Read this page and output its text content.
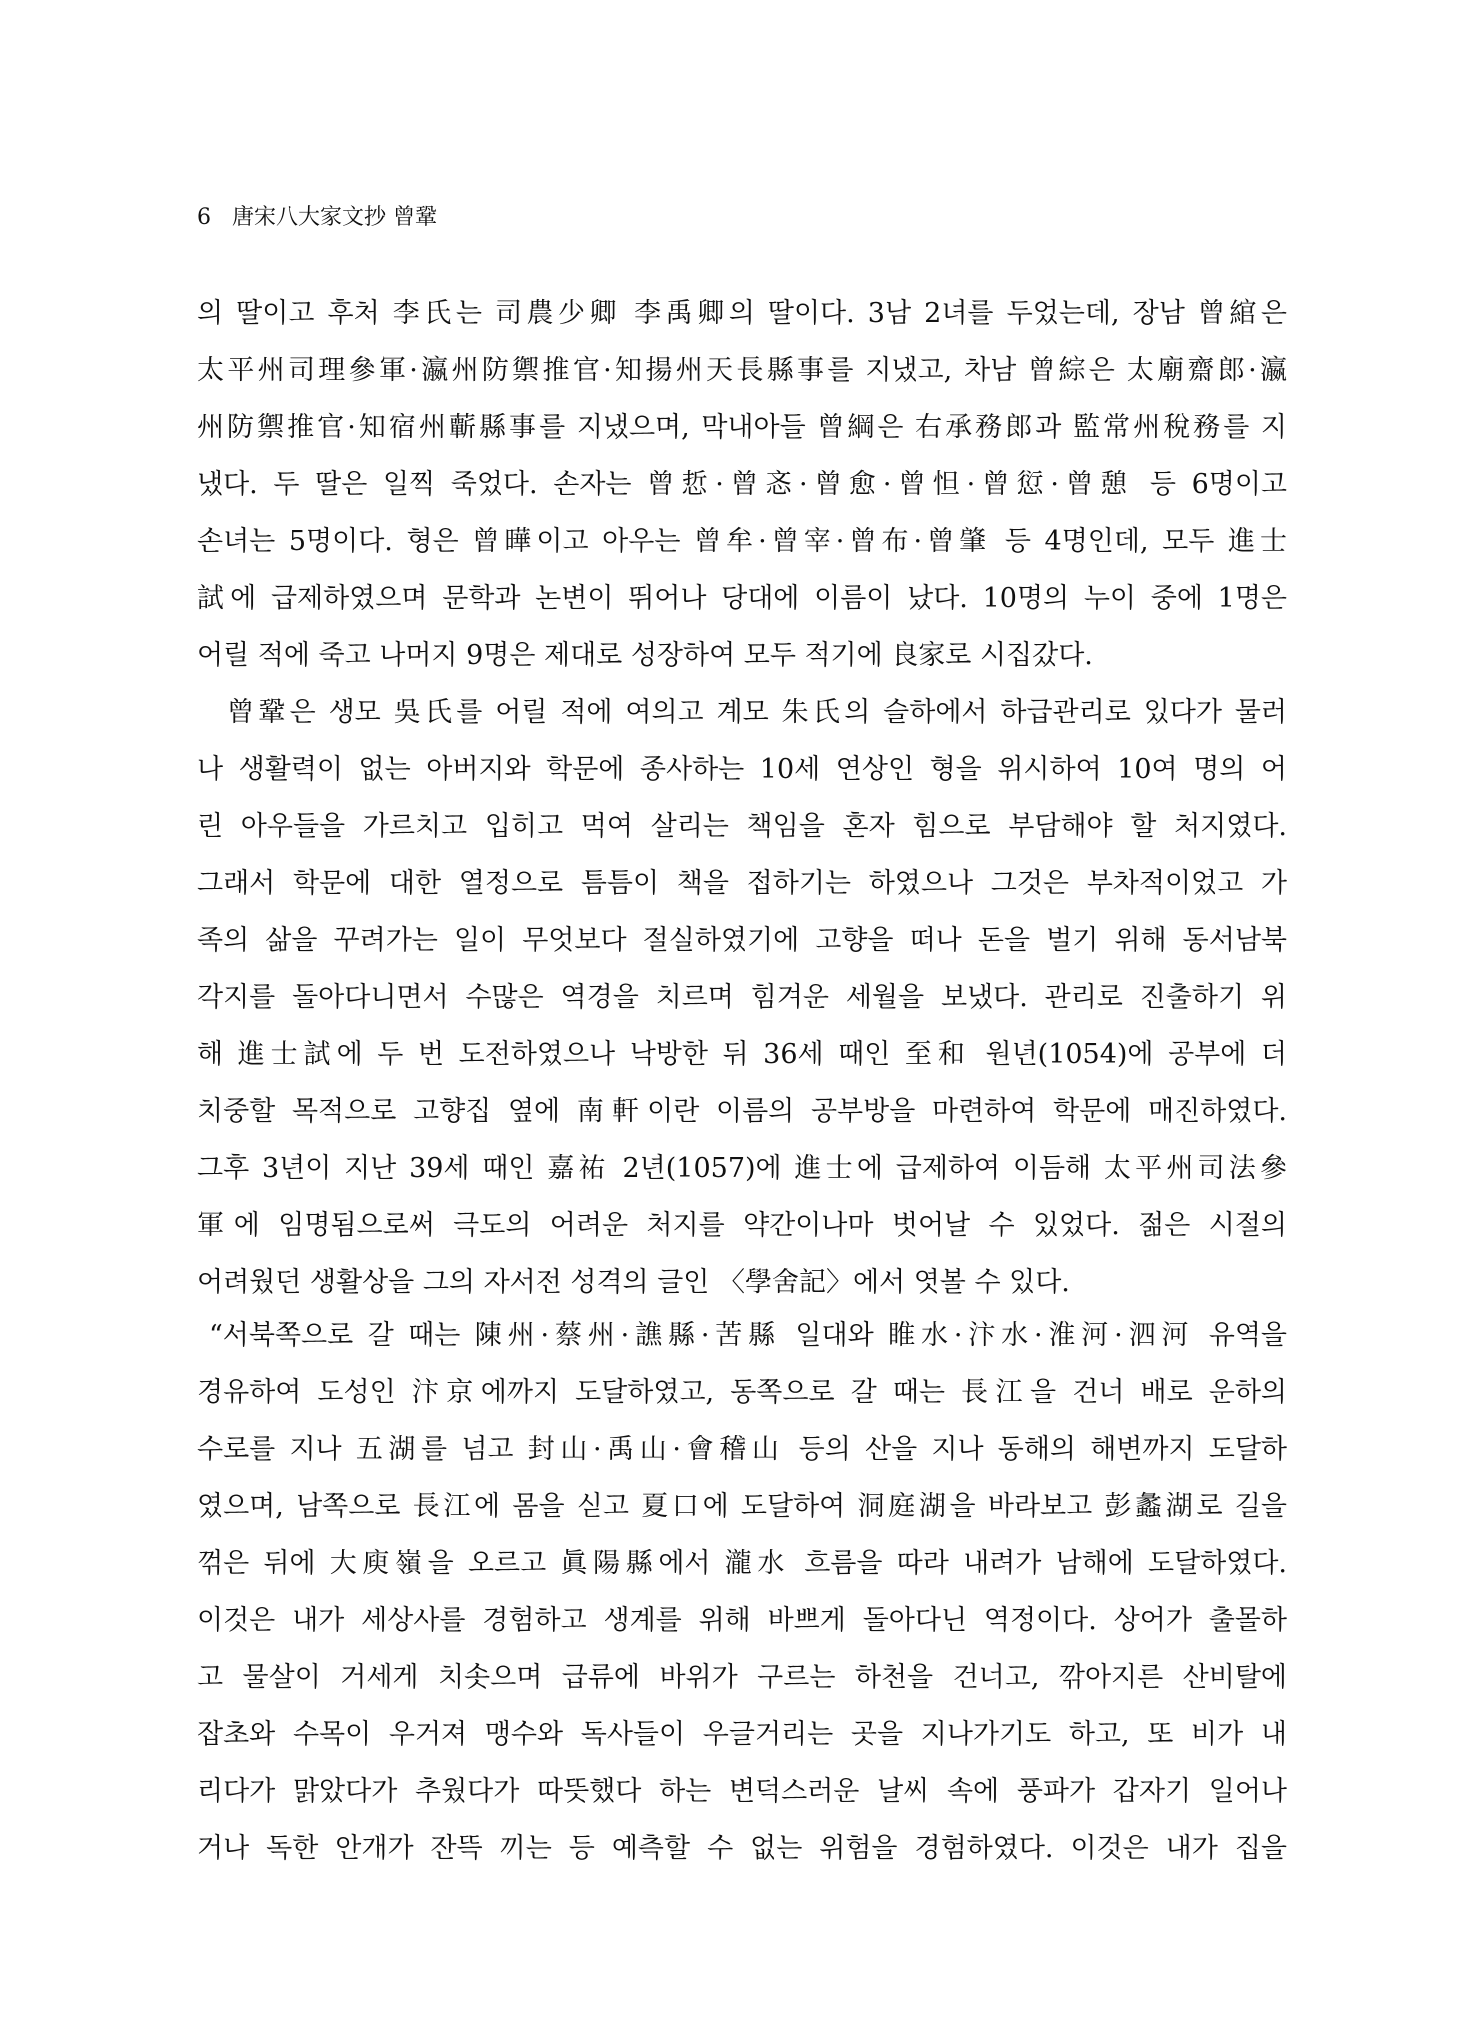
6 唐宋八大家文抄 曾鞏
의 딸이고 후처 李氏는 司農少卿 李禹卿의 딸이다. 3남 2녀를 두었는데, 장남 曾綰은
太平州司理參軍·瀛州防禦推官·知揚州天長縣事를 지냈고, 차남 曾綜은 太廟齋郎·瀛
州防禦推官·知宿州蘄縣事를 지냈으며, 막내아들 曾綱은 右承務郎과 監常州稅務를 지
냈다. 두 딸은 일찍 죽었다. 손자는 曾悊·曾忞·曾愈·曾怛·曾愆·曾憩 등 6명이고
손녀는 5명이다. 형은 曾曄이고 아우는 曾牟·曾宰·曾布·曾肇 등 4명인데, 모두 進士
試에 급제하였으며 문학과 논변이 뛰어나 당대에 이름이 났다. 10명의 누이 중에 1명은
어릴 적에 죽고 나머지 9명은 제대로 성장하여 모두 적기에 良家로 시집갔다.
曾鞏은 생모 吳氏를 어릴 적에 여의고 계모 朱氏의 슬하에서 하급관리로 있다가 물러
나 생활력이 없는 아버지와 학문에 종사하는 10세 연상인 형을 위시하여 10여 명의 어
린 아우들을 가르치고 입히고 먹여 살리는 책임을 혼자 힘으로 부담해야 할 처지였다.
그래서 학문에 대한 열정으로 틈틈이 책을 접하기는 하였으나 그것은 부차적이었고 가
족의 삶을 꾸려가는 일이 무엇보다 절실하였기에 고향을 떠나 돈을 벌기 위해 동서남북
각지를 돌아다니면서 수많은 역경을 치르며 힘겨운 세월을 보냈다. 관리로 진출하기 위
해 進士試에 두 번 도전하였으나 낙방한 뒤 36세 때인 至和 원년(1054)에 공부에 더
치중할 목적으로 고향집 옆에 南軒이란 이름의 공부방을 마련하여 학문에 매진하였다.
그후 3년이 지난 39세 때인 嘉祐 2년(1057)에 進士에 급제하여 이듬해 太平州司法參
軍에 임명됨으로써 극도의 어려운 처지를 약간이나마 벗어날 수 있었다. 젊은 시절의
어려웠던 생활상을 그의 자서전 성격의 글인 〈學舍記〉에서 엿볼 수 있다.
“서북쪽으로 갈 때는 陳州·蔡州·譙縣·苦縣 일대와 睢水·汴水·淮河·泗河 유역을
경유하여 도성인 汴京에까지 도달하였고, 동쪽으로 갈 때는 長江을 건너 배로 운하의
수로를 지나 五湖를 넘고 封山·禹山·會稽山 등의 산을 지나 동해의 해변까지 도달하
였으며, 남쪽으로 長江에 몸을 싣고 夏口에 도달하여 洞庭湖을 바라보고 彭蠡湖로 길을
꺾은 뒤에 大庾嶺을 오르고 眞陽縣에서 瀧水 흐름을 따라 내려가 남해에 도달하였다.
이것은 내가 세상사를 경험하고 생계를 위해 바쁘게 돌아다닌 역정이다. 상어가 출몰하
고 물살이 거세게 치솟으며 급류에 바위가 구르는 하천을 건너고, 깎아지른 산비탈에
잡초와 수목이 우거져 맹수와 독사들이 우글거리는 곳을 지나가기도 하고, 또 비가 내
리다가 맑았다가 추웠다가 따뜻했다 하는 변덕스러운 날씨 속에 풍파가 갑자기 일어나
거나 독한 안개가 잔뜩 끼는 등 예측할 수 없는 위험을 경험하였다. 이것은 내가 집을
